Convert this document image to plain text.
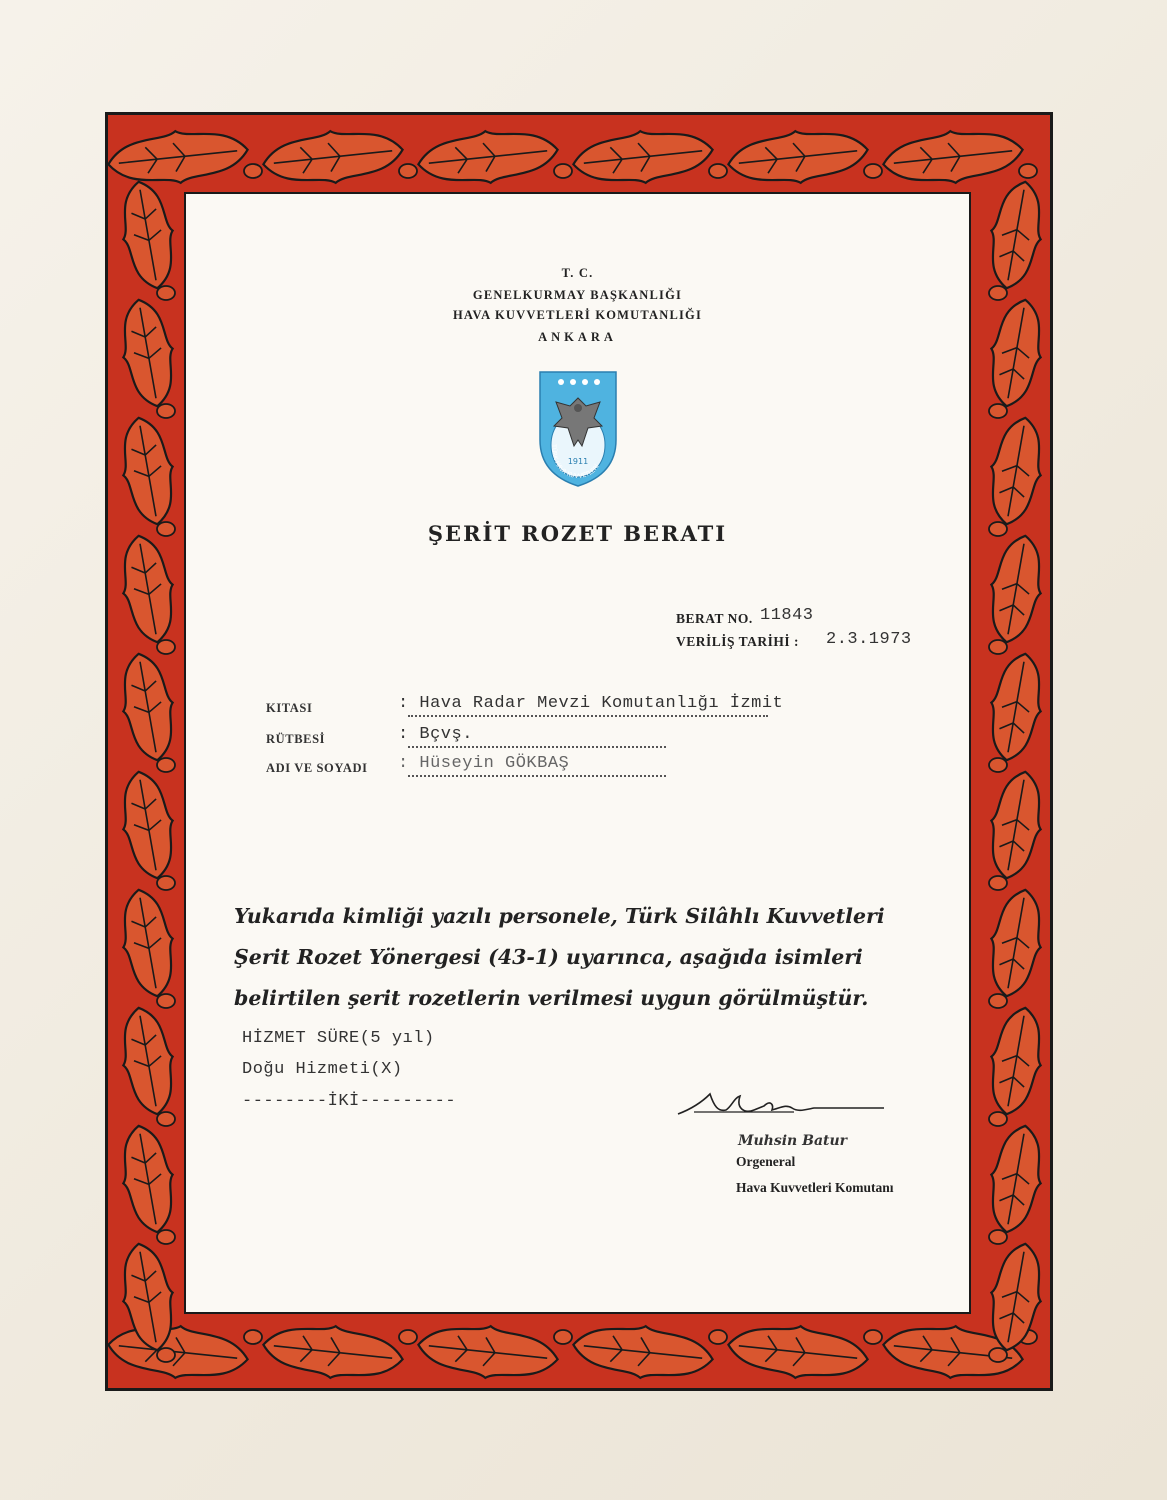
T. C.
GENELKURMAY BAŞKANLIĞI
HAVA KUVVETLERİ KOMUTANLIĞI
ANKARA
1911
TÜRK HAVA KUVVETLERİ
ŞERİT ROZET BERATI
BERAT NO. 11843
VERİLİŞ TARİHİ : 2.3.1973
KITASI	: Hava Radar Mevzi Komutanlığı İzmit
RÜTBESİ	: Bçvş.
ADI VE SOYADI : Hüseyin GÖKBAŞ
Yukarıda kimliği yazılı personele, Türk Silâhlı Kuvvetleri Şerit Rozet Yönergesi (43-1) uyarınca, aşağıda isimleri belirtilen şerit rozetlerin verilmesi uygun görülmüştür.
HİZMET SÜRE(5 yıl)
Doğu Hizmeti(X)
--------İKİ---------
Muhsin Batur
Orgeneral
Hava Kuvvetleri Komutanı
